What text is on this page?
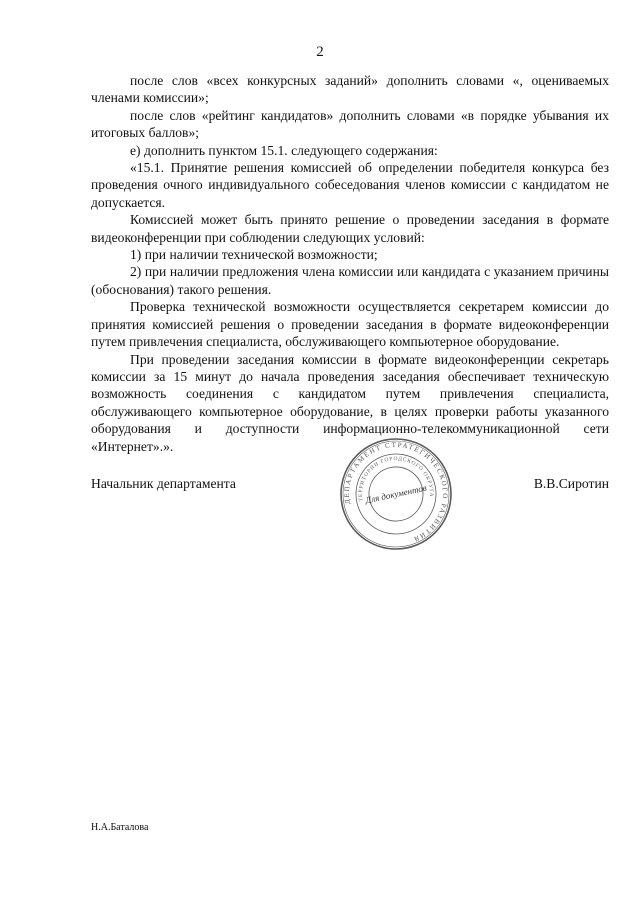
2

после слов «всех конкурсных заданий» дополнить словами «, оцениваемых членами комиссии»;

после слов «рейтинг кандидатов» дополнить словами «в порядке убывания их итоговых баллов»;

е) дополнить пунктом 15.1. следующего содержания:

«15.1. Принятие решения комиссией об определении победителя конкурса без проведения очного индивидуального собеседования членов комиссии с кандидатом не допускается.

Комиссией может быть принято решение о проведении заседания в формате видеоконференции при соблюдении следующих условий:

1) при наличии технической возможности;

2) при наличии предложения члена комиссии или кандидата с указанием причины (обоснования) такого решения.

Проверка технической возможности осуществляется секретарем комиссии до принятия комиссией решения о проведении заседания в формате видеоконференции путем привлечения специалиста, обслуживающего компьютерное оборудование.

При проведении заседания комиссии в формате видеоконференции секретарь комиссии за 15 минут до начала проведения заседания обеспечивает техническую возможность соединения с кандидатом путем привлечения специалиста, обслуживающего компьютерное оборудование, в целях проверки работы указанного оборудования и доступности информационно-телекоммуникационной сети «Интернет».».

Начальник департамента
ДЕПАРТАМЕНТ СТРАТЕГИЧЕСКОГО РАЗВИТИЯ
ТЕРРИТОРИИ ГОРОДСКОГО ОКРУГА
Для документов	В.В.Сиротин
Н.А.Баталова
